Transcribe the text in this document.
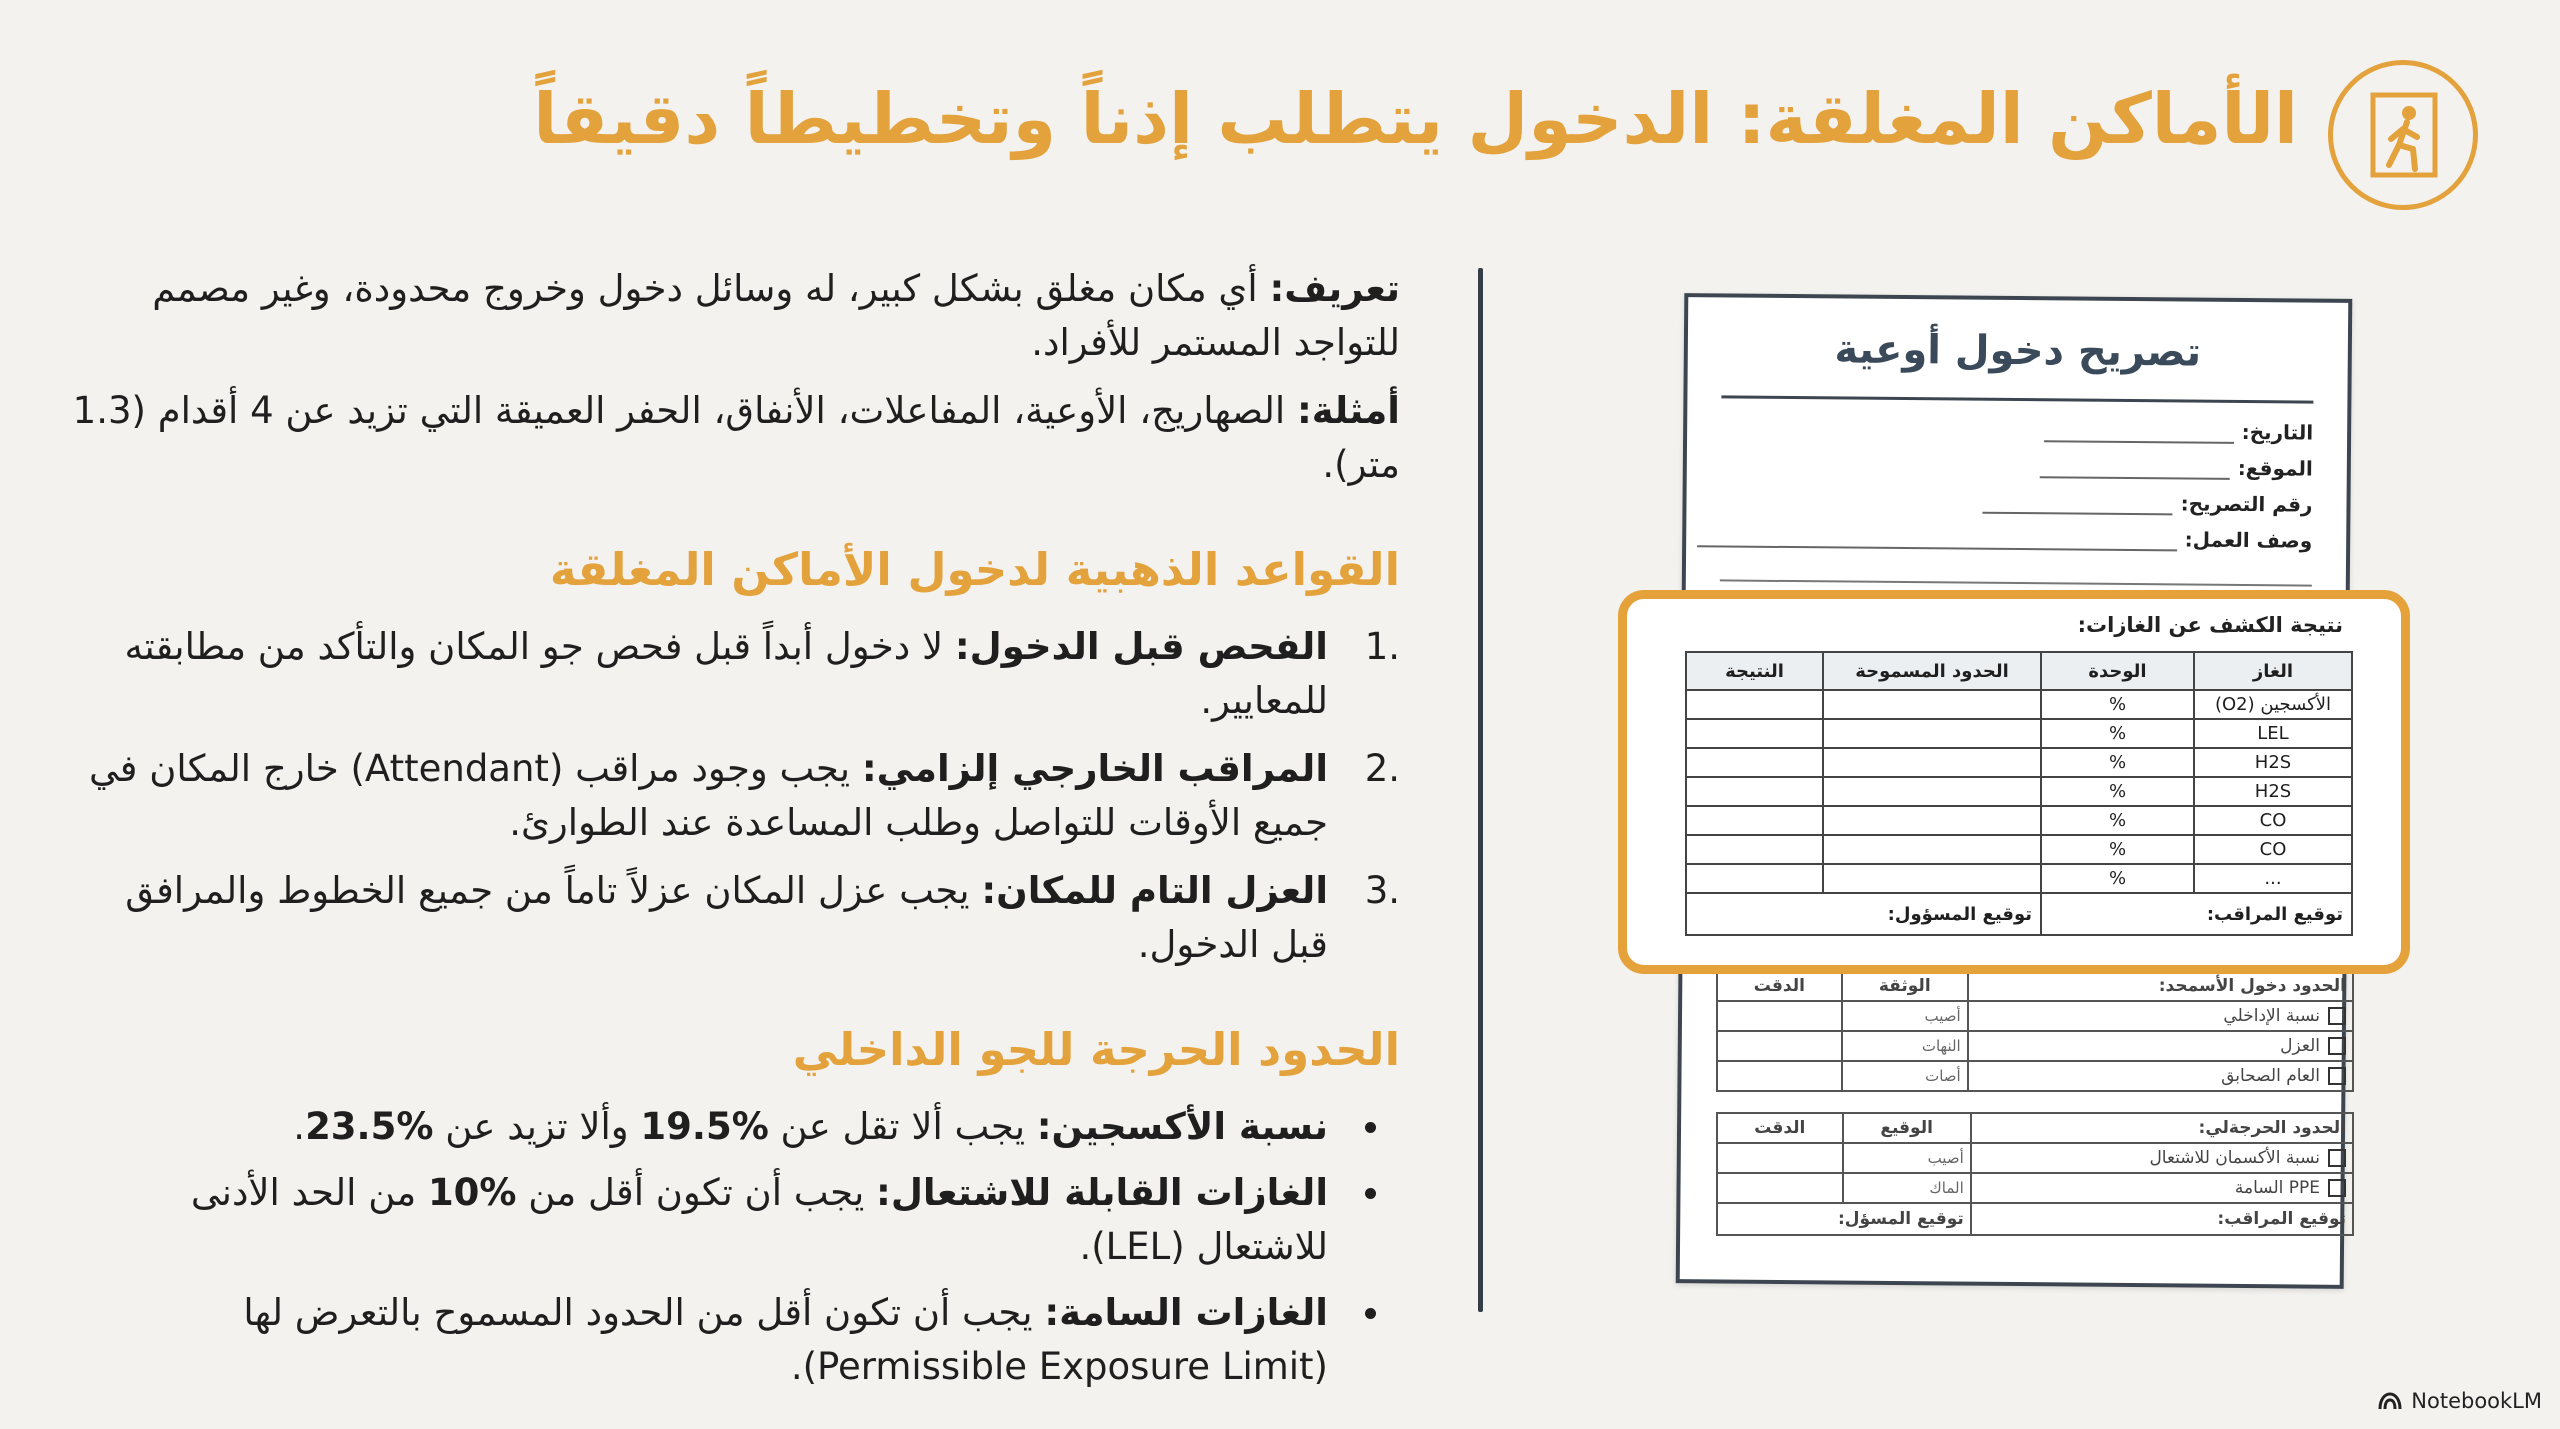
الأماكن المغلقة: الدخول يتطلب إذناً وتخطيطاً دقيقاً

تعريف: أي مكان مغلق بشكل كبير، له وسائل دخول وخروج محدودة، وغير مصمم للتواجد المستمر للأفراد.

أمثلة: الصهاريج، الأوعية، المفاعلات، الأنفاق، الحفر العميقة التي تزيد عن 4 أقدام (1.3 متر).

القواعد الذهبية لدخول الأماكن المغلقة
1.
الفحص قبل الدخول: لا دخول أبداً قبل فحص جو المكان والتأكد من مطابقته للمعايير.
2.
المراقب الخارجي إلزامي: يجب وجود مراقب (Attendant) خارج المكان في جميع الأوقات للتواصل وطلب المساعدة عند الطوارئ.
3.
العزل التام للمكان: يجب عزل المكان عزلاً تاماً من جميع الخطوط والمرافق قبل الدخول.
الحدود الحرجة للجو الداخلي
نسبة الأكسجين: يجب ألا تقل عن 19.5% وألا تزيد عن 23.5%.
الغازات القابلة للاشتعال: يجب أن تكون أقل من 10% من الحد الأدنى للاشتعال (LEL).
الغازات السامة: يجب أن تكون أقل من الحدود المسموح بالتعرض لها (Permissible Exposure Limit).
تصريح دخول أوعية
التاريخ:
الموقع:
رقم التصريح:
وصف العمل:
الحدود دخول الأسمحد:	الوثقة	الدقت
نسبة الإداخلي	أصيب	
العزل	النهات	
العام الصحابق	أصات	
الحدود الحرجةلي:	الوقيع	الدقت
نسبة الأكسمان للاشتعال	أصيب	
PPE السامة	الماك	
توقيع المراقب:	توقيع المسؤل:	
نتيجة الكشف عن الغازات:
الغاز	الوحدة	الحدود المسموحة	النتيجة
الأكسجين (O2)	%		
LEL	%		
H2S	%		
H2S	%		
CO	%		
CO	%		
...	%		
توقيع المراقب:		توقيع المسؤول:	
NotebookLM
